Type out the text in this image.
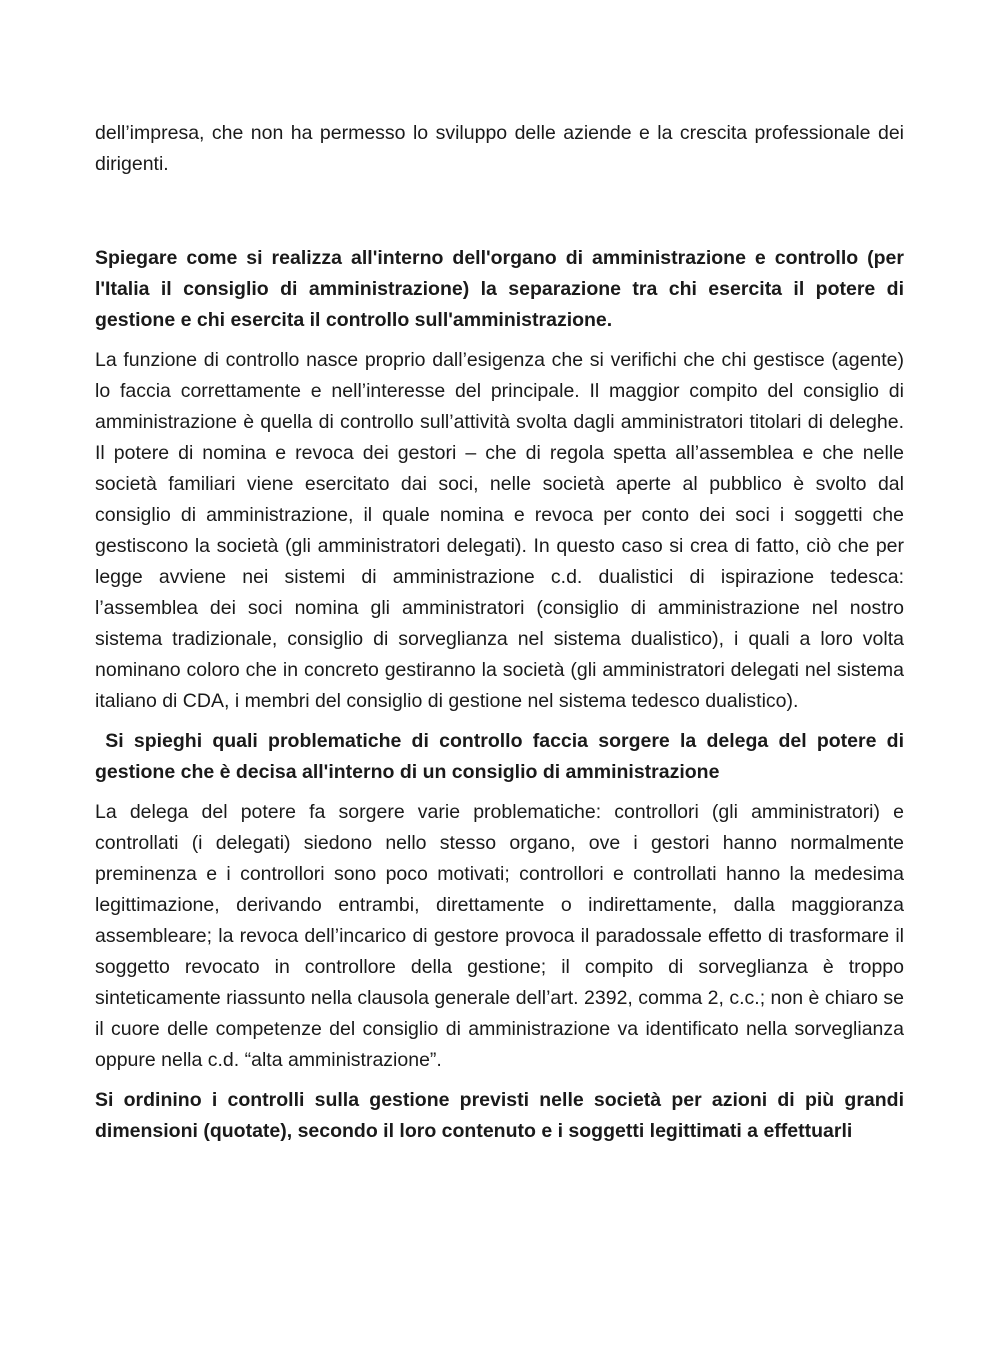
dell’impresa, che non ha permesso lo sviluppo delle aziende e la crescita professionale dei dirigenti.

Spiegare come si realizza all'interno dell'organo di amministrazione e controllo (per l'Italia il consiglio di amministrazione) la separazione tra chi esercita il potere di gestione e chi esercita il controllo sull'amministrazione.

La funzione di controllo nasce proprio dall’esigenza che si verifichi che chi gestisce (agente) lo faccia correttamente e nell’interesse del principale. Il maggior compito del consiglio di amministrazione è quella di controllo sull’attività svolta dagli amministratori titolari di deleghe. Il potere di nomina e revoca dei gestori – che di regola spetta all’assemblea e che nelle società familiari viene esercitato dai soci, nelle società aperte al pubblico è svolto dal consiglio di amministrazione, il quale nomina e revoca per conto dei soci i soggetti che gestiscono la società (gli amministratori delegati). In questo caso si crea di fatto, ciò che per legge avviene nei sistemi di amministrazione c.d. dualistici di ispirazione tedesca: l’assemblea dei soci nomina gli amministratori (consiglio di amministrazione nel nostro sistema tradizionale, consiglio di sorveglianza nel sistema dualistico), i quali a loro volta nominano coloro che in concreto gestiranno la società (gli amministratori delegati nel sistema italiano di CDA, i membri del consiglio di gestione nel sistema tedesco dualistico).

Si spieghi quali problematiche di controllo faccia sorgere la delega del potere di gestione che è decisa all'interno di un consiglio di amministrazione

La delega del potere fa sorgere varie problematiche: controllori (gli amministratori) e controllati (i delegati) siedono nello stesso organo, ove i gestori hanno normalmente preminenza e i controllori sono poco motivati; controllori e controllati hanno la medesima legittimazione, derivando entrambi, direttamente o indirettamente, dalla maggioranza assembleare; la revoca dell’incarico di gestore provoca il paradossale effetto di trasformare il soggetto revocato in controllore della gestione; il compito di sorveglianza è troppo sinteticamente riassunto nella clausola generale dell’art. 2392, comma 2, c.c.; non è chiaro se il cuore delle competenze del consiglio di amministrazione va identificato nella sorveglianza oppure nella c.d. “alta amministrazione”.

Si ordinino i controlli sulla gestione previsti nelle società per azioni di più grandi dimensioni (quotate), secondo il loro contenuto e i soggetti legittimati a effettuarli
